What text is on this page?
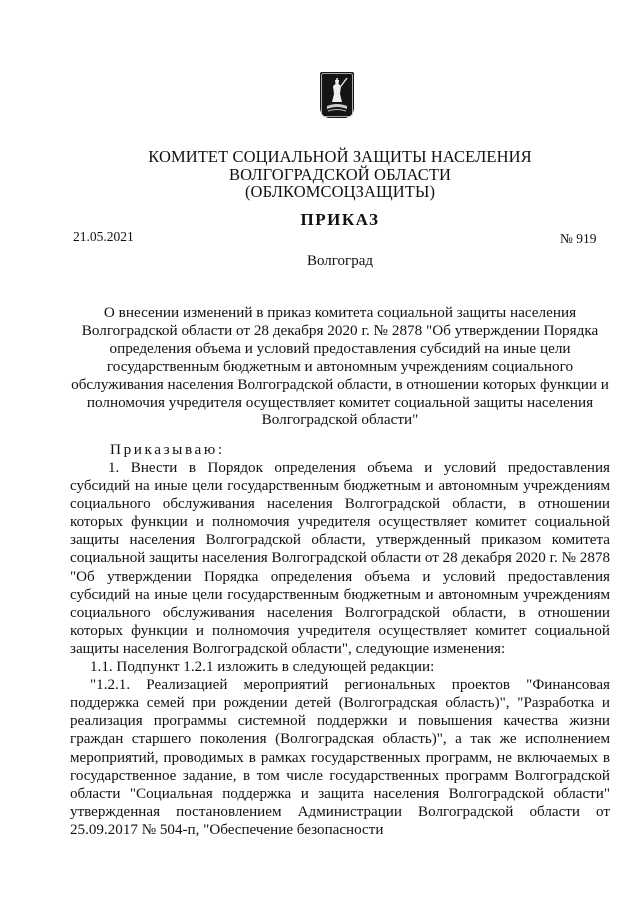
КОМИТЕТ СОЦИАЛЬНОЙ ЗАЩИТЫ НАСЕЛЕНИЯ
ВОЛГОГРАДСКОЙ ОБЛАСТИ
(ОБЛКОМСОЦЗАЩИТЫ)
ПРИКАЗ
21.05.2021	№ 919
Волгоград
О внесении изменений в приказ комитета социальной защиты населения Волгоградской области от 28 декабря 2020 г. № 2878 "Об утверждении Порядка определения объема и условий предоставления субсидий на иные цели государственным бюджетным и автономным учреждениям социального обслуживания населения Волгоградской области, в отношении которых функции и полномочия учредителя осуществляет комитет социальной защиты населения Волгоградской области"
Приказываю:

1. Внести в Порядок определения объема и условий предоставления субсидий на иные цели государственным бюджетным и автономным учреждениям социального обслуживания населения Волгоградской области, в отношении которых функции и полномочия учредителя осуществляет комитет социальной защиты населения Волгоградской области, утвержденный приказом комитета социальной защиты населения Волгоградской области от 28 декабря 2020 г. № 2878 "Об утверждении Порядка определения объема и условий предоставления субсидий на иные цели государственным бюджетным и автономным учреждениям социального обслуживания населения Волгоградской области, в отношении которых функции и полномочия учредителя осуществляет комитет социальной защиты населения Волгоградской области", следующие изменения:

1.1. Подпункт 1.2.1 изложить в следующей редакции:

"1.2.1. Реализацией мероприятий региональных проектов "Финансовая поддержка семей при рождении детей (Волгоградская область)", "Разработка и реализация программы системной поддержки и повышения качества жизни граждан старшего поколения (Волгоградская область)", а так же исполнением мероприятий, проводимых в рамках государственных программ, не включаемых в государственное задание, в том числе государственных программ Волгоградской области "Социальная поддержка и защита населения Волгоградской области" утвержденная постановлением Администрации Волгоградской области от 25.09.2017 № 504-п, "Обеспечение безопасности
